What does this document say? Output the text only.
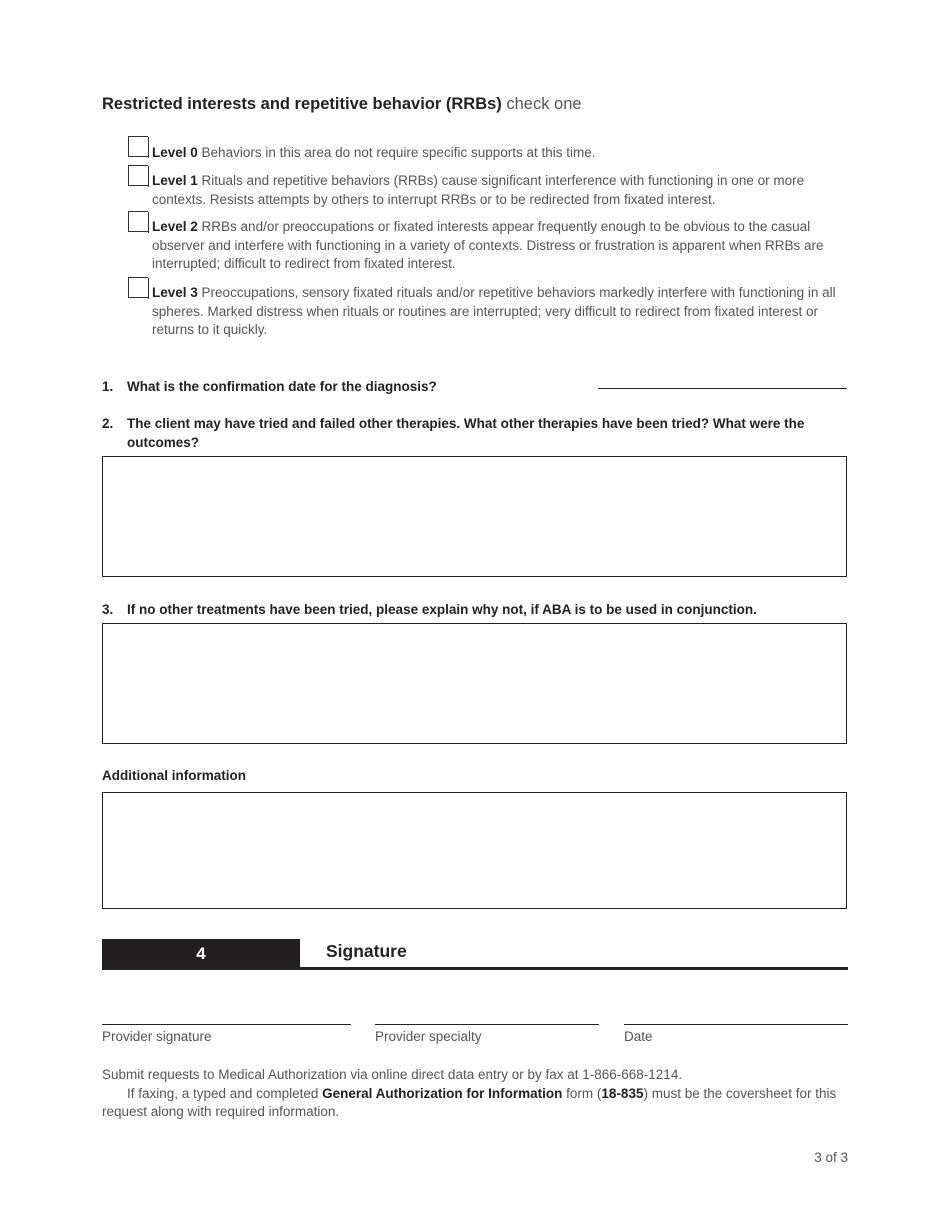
Restricted interests and repetitive behavior (RRBs) check one
Level 0 Behaviors in this area do not require specific supports at this time.
Level 1 Rituals and repetitive behaviors (RRBs) cause significant interference with functioning in one or more contexts. Resists attempts by others to interrupt RRBs or to be redirected from fixated interest.
Level 2 RRBs and/or preoccupations or fixated interests appear frequently enough to be obvious to the casual observer and interfere with functioning in a variety of contexts. Distress or frustration is apparent when RRBs are interrupted; difficult to redirect from fixated interest.
Level 3 Preoccupations, sensory fixated rituals and/or repetitive behaviors markedly interfere with functioning in all spheres. Marked distress when rituals or routines are interrupted; very difficult to redirect from fixated interest or returns to it quickly.
1. What is the confirmation date for the diagnosis?
2. The client may have tried and failed other therapies. What other therapies have been tried? What were the outcomes?
3. If no other treatments have been tried, please explain why not, if ABA is to be used in conjunction.
Additional information
4	Signature
Provider signature	Provider specialty	Date
Submit requests to Medical Authorization via online direct data entry or by fax at 1-866-668-1214.
If faxing, a typed and completed General Authorization for Information form (18-835) must be the coversheet for this request along with required information.
3 of 3
